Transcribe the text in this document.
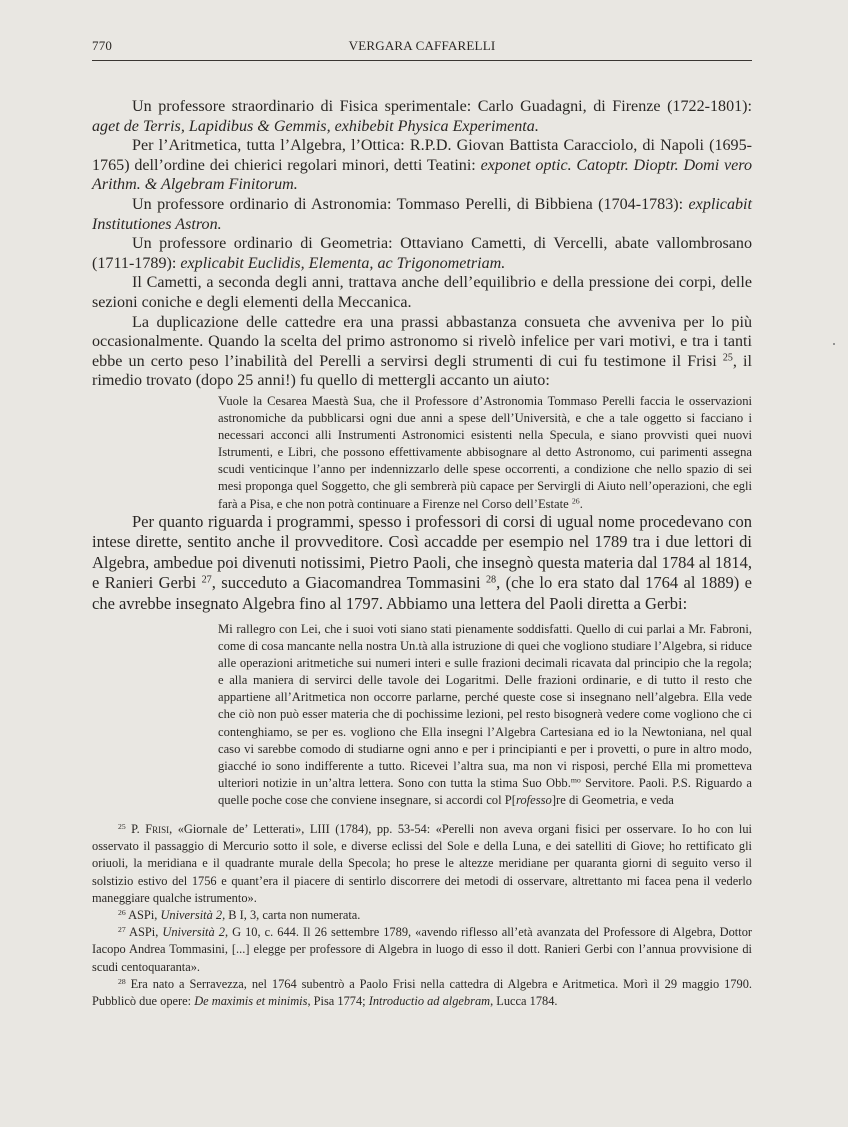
770	VERGARA CAFFARELLI

Un professore straordinario di Fisica sperimentale: Carlo Guadagni, di Firenze (1722-1801): aget de Terris, Lapidibus & Gemmis, exhibebit Physica Experimenta.

Per l’Aritmetica, tutta l’Algebra, l’Ottica: R.P.D. Giovan Battista Caracciolo, di Napoli (1695-1765) dell’ordine dei chierici regolari minori, detti Teatini: exponet optic. Catoptr. Dioptr. Domi vero Arithm. & Algebram Finitorum.

Un professore ordinario di Astronomia: Tommaso Perelli, di Bibbiena (1704-1783): explicabit Institutiones Astron.

Un professore ordinario di Geometria: Ottaviano Cametti, di Vercelli, abate vallombrosano (1711-1789): explicabit Euclidis, Elementa, ac Trigonometriam.

Il Cametti, a seconda degli anni, trattava anche dell’equilibrio e della pressione dei corpi, delle sezioni coniche e degli elementi della Meccanica.

La duplicazione delle cattedre era una prassi abbastanza consueta che avveniva per lo più occasionalmente. Quando la scelta del primo astronomo si rivelò infelice per vari motivi, e tra i tanti ebbe un certo peso l’inabilità del Perelli a servirsi degli strumenti di cui fu testimone il Frisi $^{25}$, il rimedio trovato (dopo 25 anni!) fu quello di mettergli accanto un aiuto:

Vuole la Cesarea Maestà Sua, che il Professore d’Astronomia Tommaso Perelli faccia le osservazioni astronomiche da pubblicarsi ogni due anni a spese dell’Università, e che a tale oggetto si facciano i necessari acconci alli Instrumenti Astronomici esistenti nella Specula, e siano provvisti quei nuovi Istrumenti, e Libri, che possono effettivamente abbisognare al detto Astronomo, cui parimenti assegna scudi venticinque l’anno per indennizzarlo delle spese occorrenti, a condizione che nello spazio di sei mesi proponga quel Soggetto, che gli sembrerà più capace per Servirgli di Aiuto nell’operazioni, che egli farà a Pisa, e che non potrà continuare a Firenze nel Corso dell’Estate $^{26}$.

Per quanto riguarda i programmi, spesso i professori di corsi di ugual nome procedevano con intese dirette, sentito anche il provveditore. Così accadde per esempio nel 1789 tra i due lettori di Algebra, ambedue poi divenuti notissimi, Pietro Paoli, che insegnò questa materia dal 1784 al 1814, e Ranieri Gerbi $^{27}$, succeduto a Giacomandrea Tommasini $^{28}$, (che lo era stato dal 1764 al 1889) e che avrebbe insegnato Algebra fino al 1797. Abbiamo una lettera del Paoli diretta a Gerbi:

Mi rallegro con Lei, che i suoi voti siano stati pienamente soddisfatti. Quello di cui parlai a Mr. Fabroni, come di cosa mancante nella nostra Un.tà alla istruzione di quei che vogliono studiare l’Algebra, si riduce alle operazioni aritmetiche sui numeri interi e sulle frazioni decimali ricavata dal principio che la regola; e alla maniera di servirci delle tavole dei Logaritmi. Delle frazioni ordinarie, e di tutto il resto che appartiene all’Aritmetica non occorre parlarne, perché queste cose si insegnano nell’algebra. Ella vede che ciò non può esser materia che di pochissime lezioni, pel resto bisognerà vedere come vogliono che ci contenghiamo, se per es. vogliono che Ella insegni l’Algebra Cartesiana ed io la Newtoniana, nel qual caso vi sarebbe comodo di studiarne ogni anno e per i principianti e per i provetti, o pure in altro modo, giacché io sono indifferente a tutto. Ricevei l’altra sua, ma non vi risposi, perché Ella mi prometteva ulteriori notizie in un’altra lettera. Sono con tutta la stima Suo Obb.$^{mo}$ Servitore. Paoli. P.S. Riguardo a quelle poche cose che conviene insegnare, si accordi col P[rofesso]re di Geometria, e veda

$^{25}$ P. Frisi, «Giornale de’ Letterati», LIII (1784), pp. 53-54: «Perelli non aveva organi fisici per osservare. Io ho con lui osservato il passaggio di Mercurio sotto il sole, e diverse eclissi del Sole e della Luna, e dei satelliti di Giove; ho rettificato gli oriuoli, la meridiana e il quadrante murale della Specola; ho prese le altezze meridiane per quaranta giorni di seguito verso il solstizio estivo del 1756 e quant’era il piacere di sentirlo discorrere dei metodi di osservare, altrettanto mi facea pena il vederlo maneggiare qualche istrumento».

$^{26}$ ASPi, Università 2, B I, 3, carta non numerata.

$^{27}$ ASPi, Università 2, G 10, c. 644. Il 26 settembre 1789, «avendo riflesso all’età avanzata del Professore di Algebra, Dottor Iacopo Andrea Tommasini, [...] elegge per professore di Algebra in luogo di esso il dott. Ranieri Gerbi con l’annua provvisione di scudi centoquaranta».

$^{28}$ Era nato a Serravezza, nel 1764 subentrò a Paolo Frisi nella cattedra di Algebra e Aritmetica. Morì il 29 maggio 1790. Pubblicò due opere: De maximis et minimis, Pisa 1774; Introductio ad algebram, Lucca 1784.
